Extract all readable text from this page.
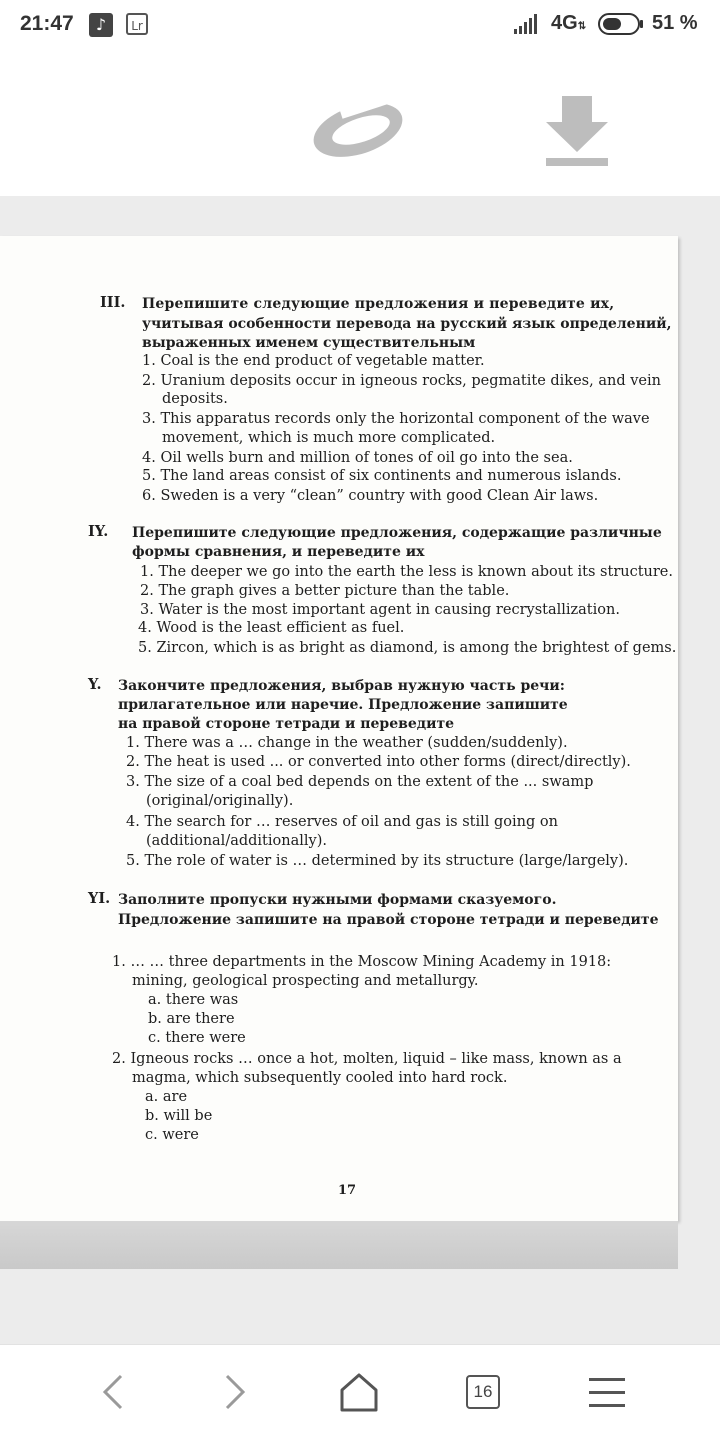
21:47	♪	Lr	4G⇅	51 %
III. Перепишите следующие предложения и переведите их,
учитывая особенности перевода на русский язык определений,
выраженных именем существительным
1. Coal is the end product of vegetable matter.
2. Uranium deposits occur in igneous rocks, pegmatite dikes, and vein
deposits.
3. This apparatus records only the horizontal component of the wave
movement, which is much more complicated.
4. Oil wells burn and million of tones of oil go into the sea.
5. The land areas consist of six continents and numerous islands.
6. Sweden is a very “clean” country with good Clean Air laws.
IY. Перепишите следующие предложения, содержащие различные
формы сравнения, и переведите их
1. The deeper we go into the earth the less is known about its structure.
2. The graph gives a better picture than the table.
3. Water is the most important agent in causing recrystallization.
4. Wood is the least efficient as fuel.
5. Zircon, which is as bright as diamond, is among the brightest of gems.
Y. Закончите предложения, выбрав нужную часть речи:
прилагательное или наречие. Предложение запишите
на правой стороне тетради и переведите
1. There was a … change in the weather (sudden/suddenly).
2. The heat is used ... or converted into other forms (direct/directly).
3. The size of a coal bed depends on the extent of the ... swamp
(original/originally).
4. The search for … reserves of oil and gas is still going on
(additional/additionally).
5. The role of water is … determined by its structure (large/largely).
YI. Заполните пропуски нужными формами сказуемого.
Предложение запишите на правой стороне тетради и переведите
1. … … three departments in the Moscow Mining Academy in 1918:
mining, geological prospecting and metallurgy.
a. there was
b. are there
c. there were
2. Igneous rocks … once a hot, molten, liquid – like mass, known as a
magma, which subsequently cooled into hard rock.
a. are
b. will be
c. were
17
16
